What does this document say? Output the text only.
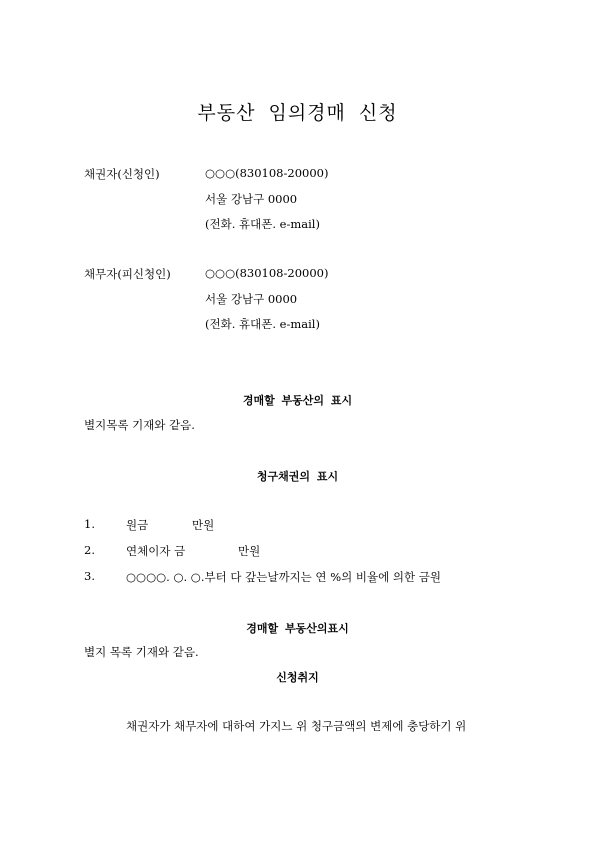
부동산 임의경매 신청
채권자(신청인)	○○○(830108-20000)
서울 강남구 0000
(전화. 휴대폰. e-mail)
채무자(피신청인)	○○○(830108-20000)
서울 강남구 0000
(전화. 휴대폰. e-mail)
경매할 부동산의 표시
별지목록 기재와 같음.
청구채권의 표시
1.	원금	만원
2.	연체이자 금	만원
3.	○○○○. ○. ○.부터 다 갚는날까지는 연 %의 비율에 의한 금원
경매할 부동산의표시
별지 목록 기재와 같음.
신청취지
채권자가 채무자에 대하여 가지느 위 청구금액의 변제에 충당하기 위
